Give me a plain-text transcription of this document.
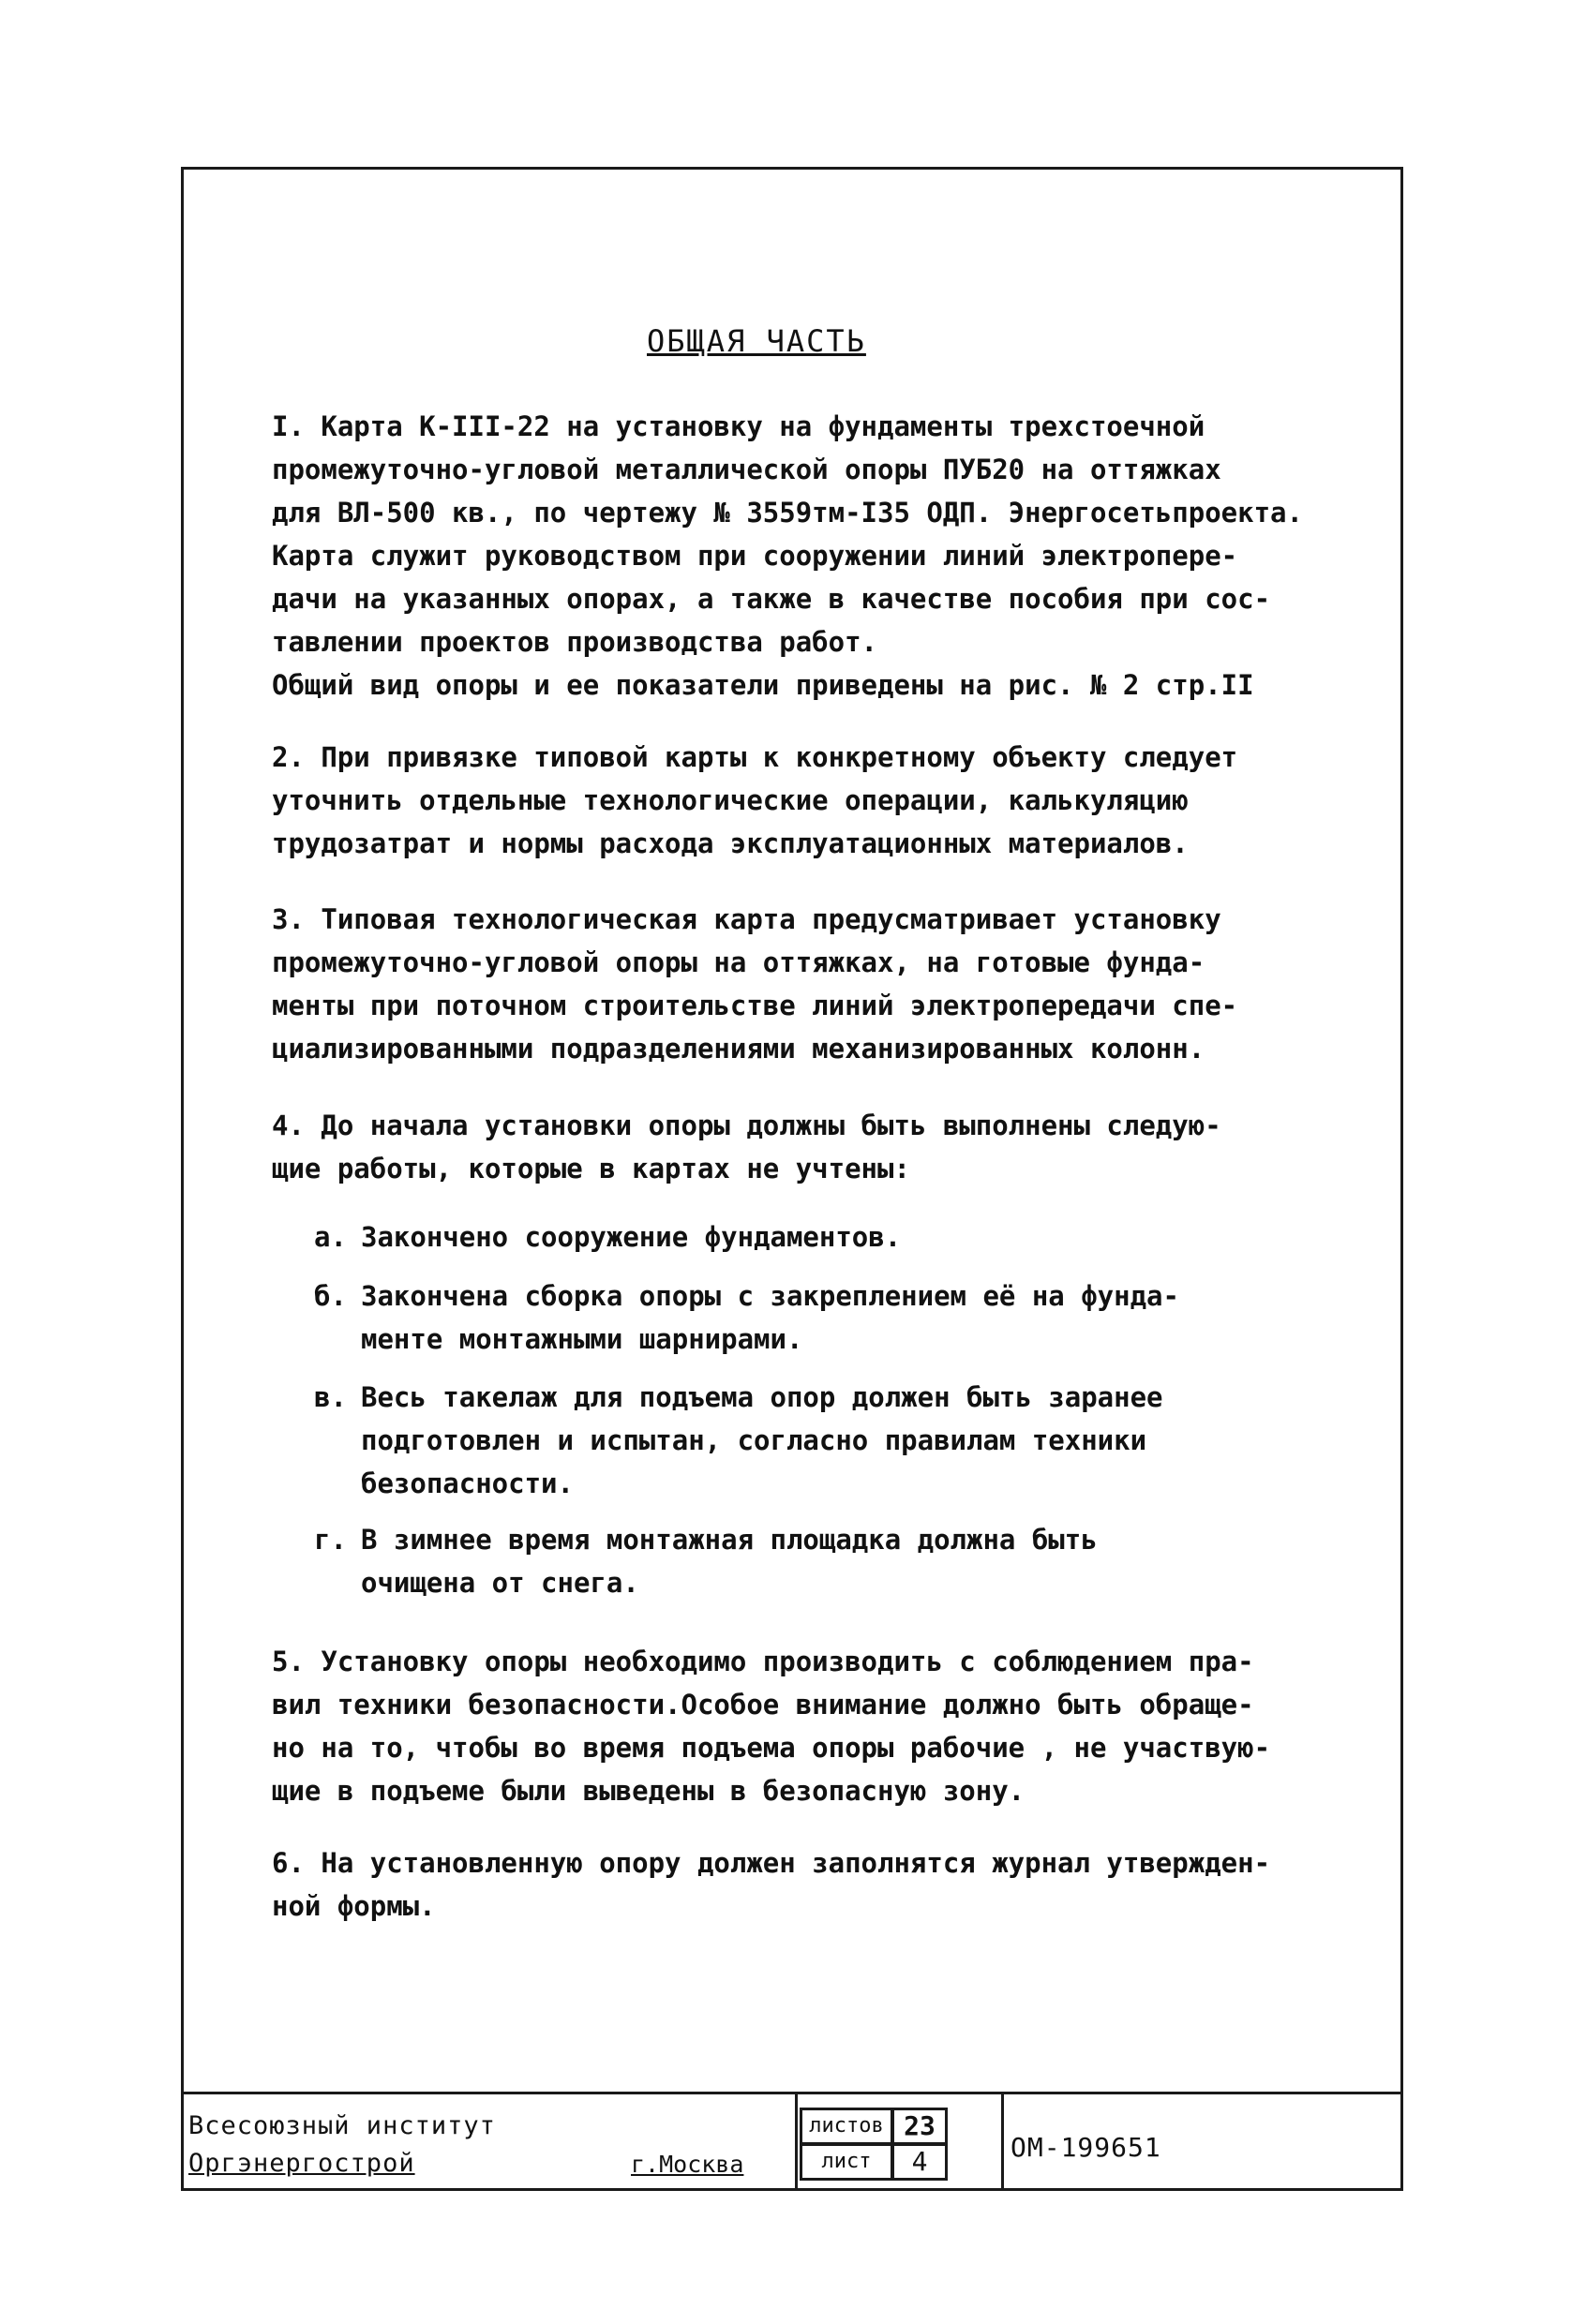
ОБЩАЯ ЧАСТЬ
I. Карта К-III-22 на установку на фундаменты трехстоечной
промежуточно-угловой металлической опоры ПУБ20 на оттяжках
для ВЛ-500 кв., по чертежу № 3559тм-I35 ОДП. Энергосетьпроекта.
Карта служит руководством при сооружении линий электропере-
дачи на указанных опорах, а также в качестве пособия при сос-
тавлении проектов производства работ.
Общий вид опоры и ее показатели приведены на рис. № 2 стр.II
2. При привязке типовой карты к конкретному объекту следует
уточнить отдельные технологические операции, калькуляцию
трудозатрат и нормы расхода эксплуатационных материалов.
3. Типовая технологическая карта предусматривает установку
промежуточно-угловой опоры на оттяжках, на готовые фунда-
менты при поточном строительстве линий электропередачи спе-
циализированными подразделениями механизированных колонн.
4. До начала установки опоры должны быть выполнены следую-
щие работы, которые в картах не учтены:
а. Закончено сооружение фундаментов.
б. Закончена сборка опоры с закреплением её на фунда-
менте монтажными шарнирами.
в. Весь такелаж для подъема опор должен быть заранее
подготовлен и испытан, согласно правилам техники
безопасности.
г. В зимнее время монтажная площадка должна быть
очищена от снега.
5. Установку опоры необходимо производить с соблюдением пра-
вил техники безопасности.Особое внимание должно быть обраще-
но на то, чтобы во время подъема опоры рабочие , не участвую-
щие в подъеме были выведены в безопасную зону.
6. На установленную опору должен заполнятся журнал утвержден-
ной формы.
Всесоюзный институт
Оргэнергострой	г.Москва
листов 23
лист	4	ОМ-199651
